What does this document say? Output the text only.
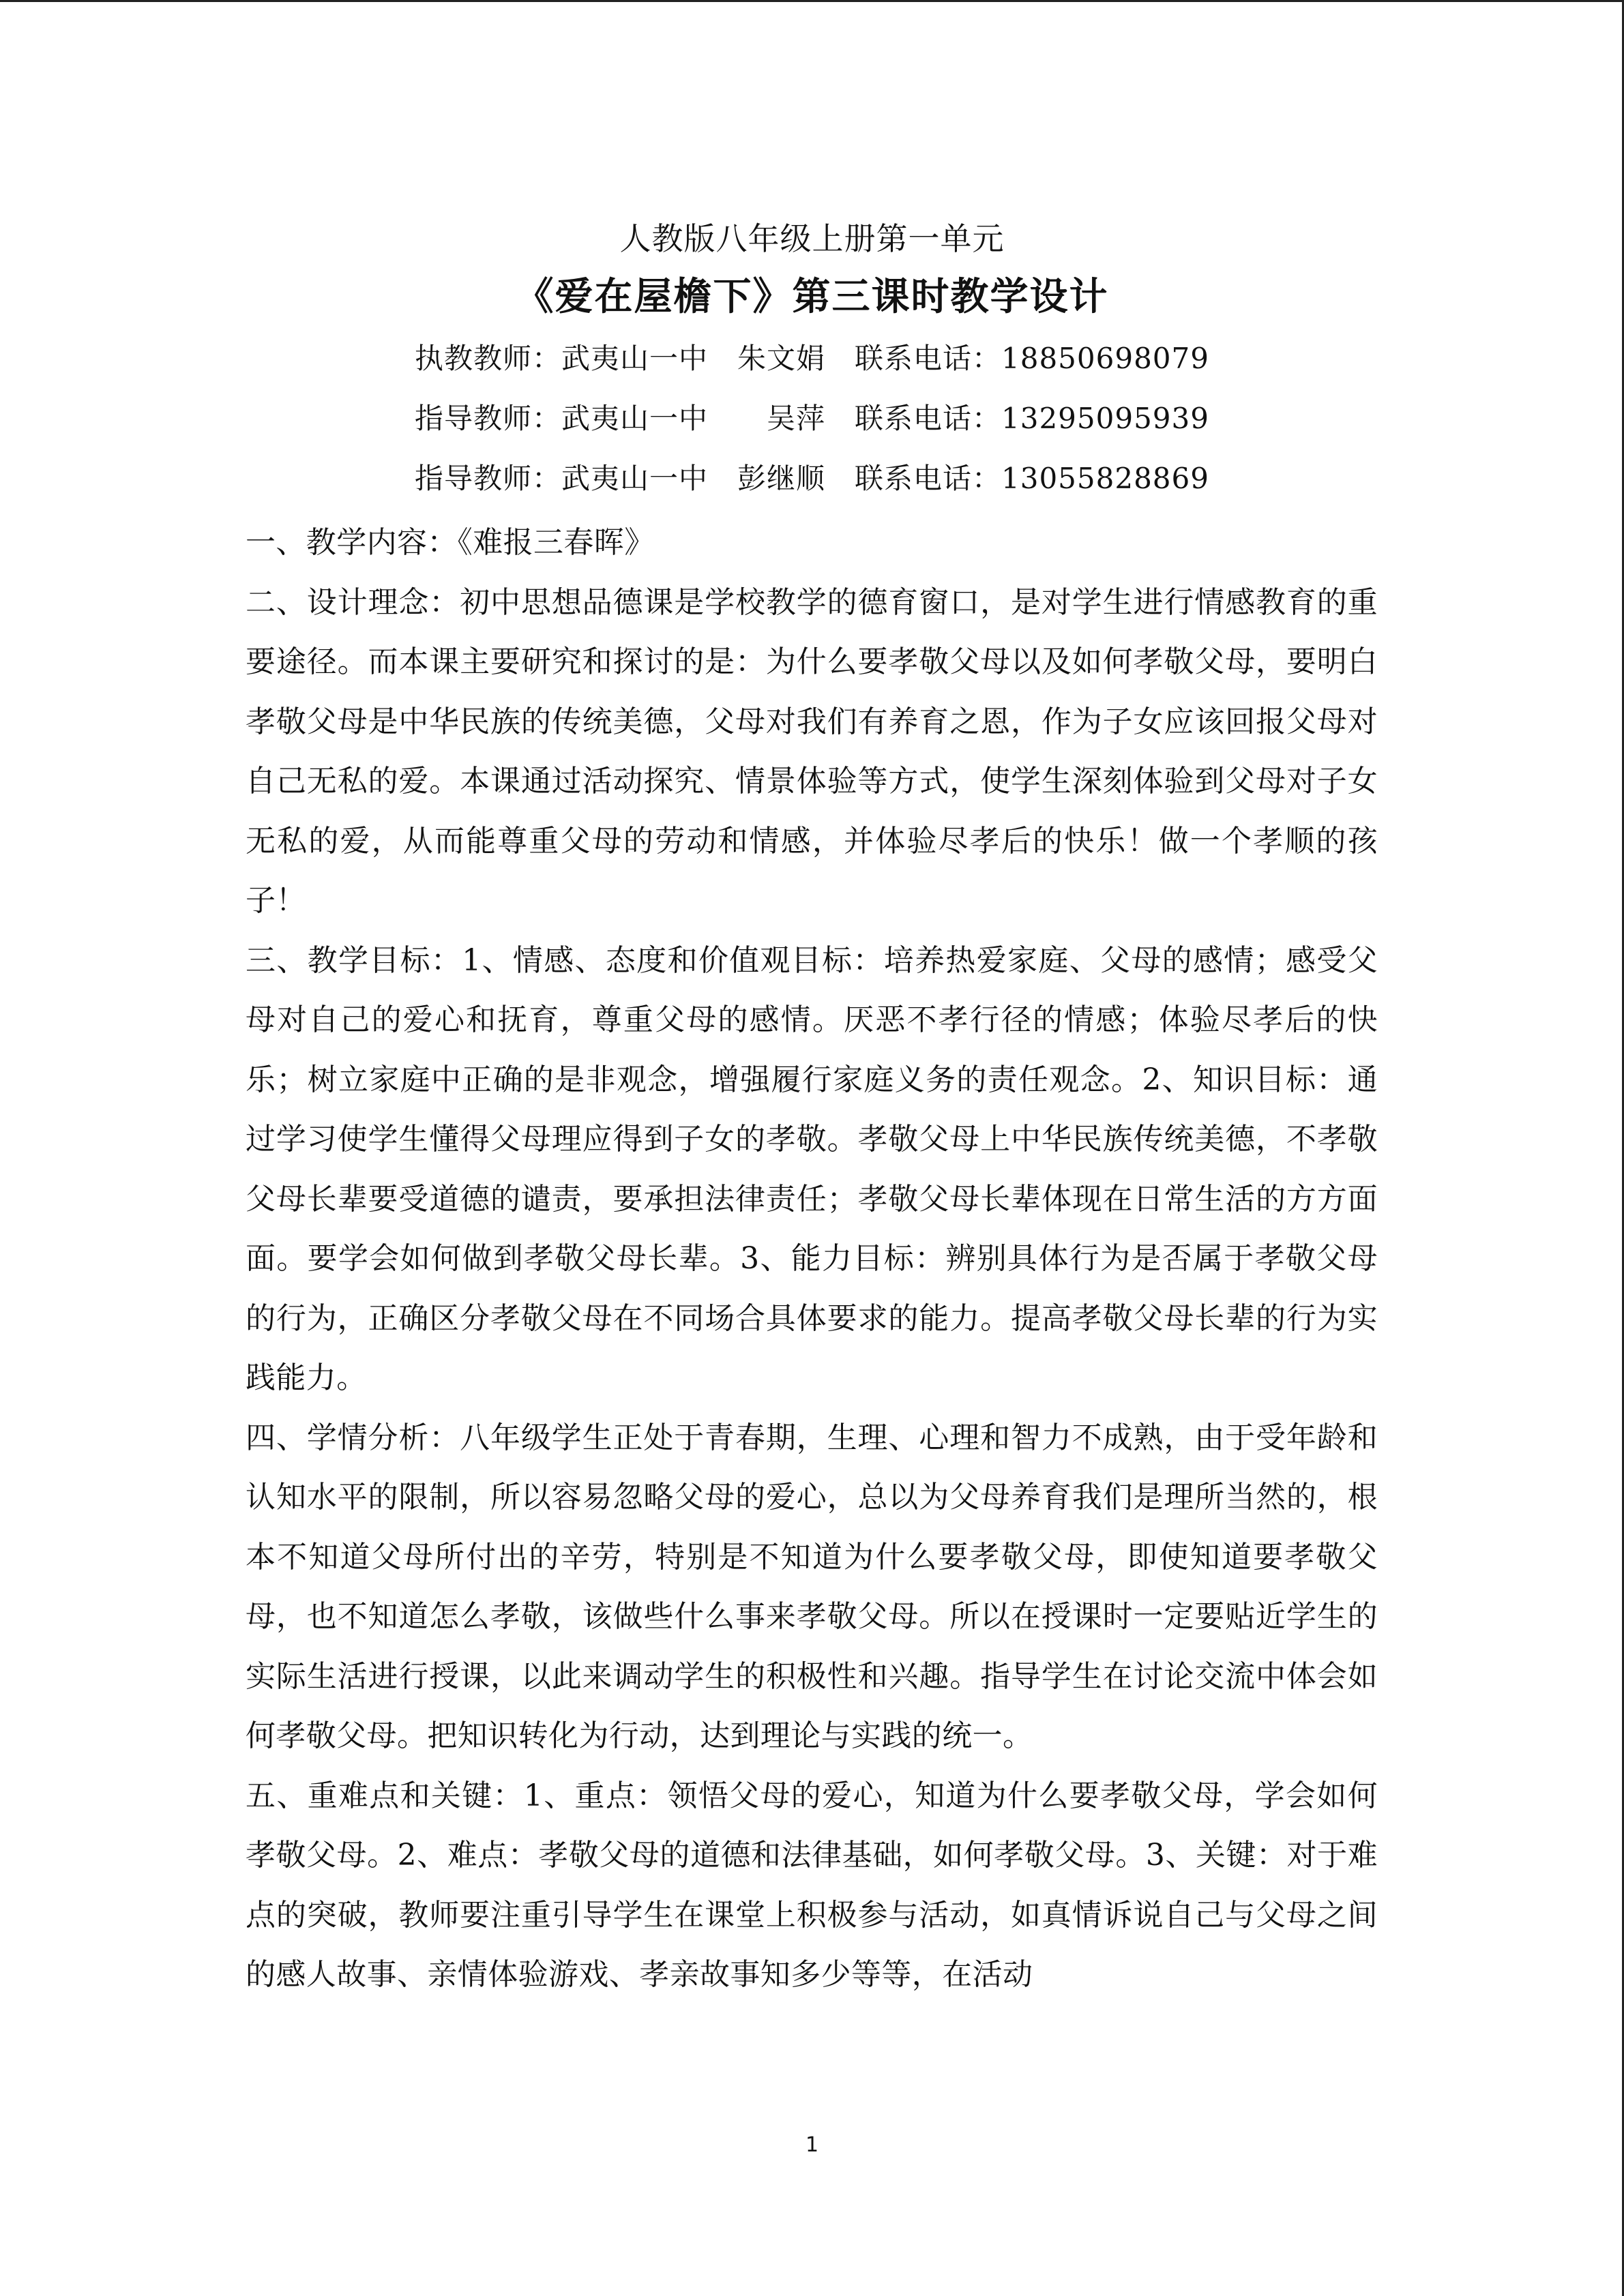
人教版八年级上册第一单元
《爱在屋檐下》第三课时教学设计
执教教师：武夷山一中　朱文娟　联系电话：18850698079
指导教师：武夷山一中　　吴萍　联系电话：13295095939
指导教师：武夷山一中　彭继顺　联系电话：13055828869

一、教学内容：《难报三春晖》

二、设计理念：初中思想品德课是学校教学的德育窗口，是对学生进行情感教育的重要途径。而本课主要研究和探讨的是：为什么要孝敬父母以及如何孝敬父母，要明白孝敬父母是中华民族的传统美德，父母对我们有养育之恩，作为子女应该回报父母对自己无私的爱。本课通过活动探究、情景体验等方式，使学生深刻体验到父母对子女无私的爱，从而能尊重父母的劳动和情感，并体验尽孝后的快乐！做一个孝顺的孩子！

三、教学目标：1、情感、态度和价值观目标：培养热爱家庭、父母的感情；感受父母对自己的爱心和抚育，尊重父母的感情。厌恶不孝行径的情感；体验尽孝后的快乐；树立家庭中正确的是非观念，增强履行家庭义务的责任观念。2、知识目标：通过学习使学生懂得父母理应得到子女的孝敬。孝敬父母上中华民族传统美德，不孝敬父母长辈要受道德的谴责，要承担法律责任；孝敬父母长辈体现在日常生活的方方面面。要学会如何做到孝敬父母长辈。3、能力目标：辨别具体行为是否属于孝敬父母的行为，正确区分孝敬父母在不同场合具体要求的能力。提高孝敬父母长辈的行为实践能力。

四、学情分析：八年级学生正处于青春期，生理、心理和智力不成熟，由于受年龄和认知水平的限制，所以容易忽略父母的爱心，总以为父母养育我们是理所当然的，根本不知道父母所付出的辛劳，特别是不知道为什么要孝敬父母，即使知道要孝敬父母，也不知道怎么孝敬，该做些什么事来孝敬父母。所以在授课时一定要贴近学生的实际生活进行授课，以此来调动学生的积极性和兴趣。指导学生在讨论交流中体会如何孝敬父母。把知识转化为行动，达到理论与实践的统一。

五、重难点和关键：1、重点：领悟父母的爱心，知道为什么要孝敬父母，学会如何孝敬父母。2、难点：孝敬父母的道德和法律基础，如何孝敬父母。3、关键：对于难点的突破，教师要注重引导学生在课堂上积极参与活动，如真情诉说自己与父母之间的感人故事、亲情体验游戏、孝亲故事知多少等等，在活动

1
